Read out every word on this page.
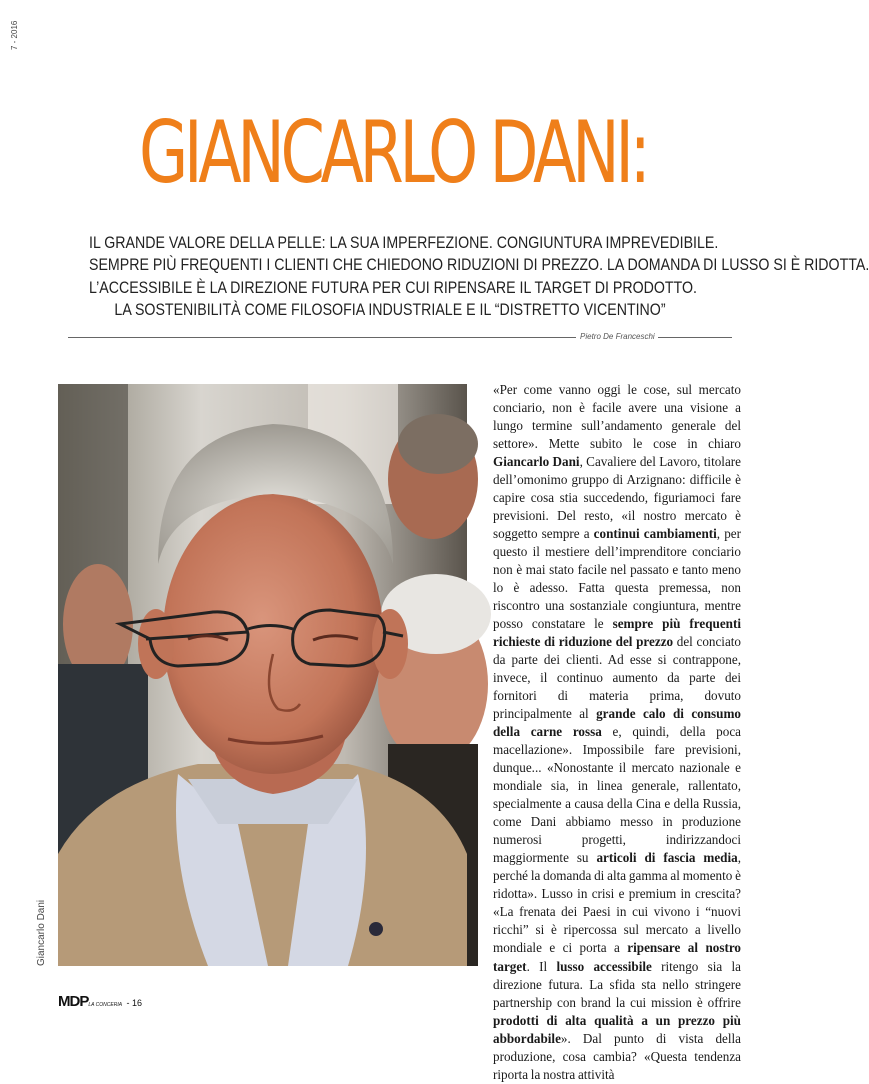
7 - 2016
GIANCARLO DANI:
IL GRANDE VALORE DELLA PELLE: LA SUA IMPERFEZIONE. CONGIUNTURA IMPREVEDIBILE.
SEMPRE PIÙ FREQUENTI I CLIENTI CHE CHIEDONO RIDUZIONI DI PREZZO. LA DOMANDA DI LUSSO SI È RIDOTTA.
L’ACCESSIBILE È LA DIREZIONE FUTURA PER CUI RIPENSARE IL TARGET DI PRODOTTO.
LA SOSTENIBILITÀ COME FILOSOFIA INDUSTRIALE E IL “DISTRETTO VICENTINO”
Pietro De Franceschi
Giancarlo Dani
«Per come vanno oggi le cose, sul mercato conciario, non è facile avere una visione a lungo termine sull’andamento generale del settore». Mette subito le cose in chiaro Giancarlo Dani, Cavaliere del Lavoro, titolare dell’omonimo gruppo di Arzignano: difficile è capire cosa stia succedendo, figuriamoci fare previsioni. Del resto, «il nostro mercato è soggetto sempre a continui cambiamenti, per questo il mestiere dell’imprenditore conciario non è mai stato facile nel passato e tanto meno lo è adesso. Fatta questa premessa, non riscontro una sostanziale congiuntura, mentre posso constatare le sempre più frequenti richieste di riduzione del prezzo del conciato da parte dei clienti. Ad esse si contrappone, invece, il continuo aumento da parte dei fornitori di materia prima, dovuto principalmente al grande calo di consumo della carne rossa e, quindi, della poca macellazione». Impossibile fare previsioni, dunque... «Nonostante il mercato nazionale e mondiale sia, in linea generale, rallentato, specialmente a causa della Cina e della Russia, come Dani abbiamo messo in produzione numerosi progetti, indirizzandoci maggiormente su articoli di fascia media, perché la domanda di alta gamma al momento è ridotta». Lusso in crisi e premium in crescita? «La frenata dei Paesi in cui vivono i “nuovi ricchi” si è ripercossa sul mercato a livello mondiale e ci porta a ripensare al nostro target. Il lusso accessibile ritengo sia la direzione futura. La sfida sta nello stringere partnership con brand la cui mission è offrire prodotti di alta qualità a un prezzo più abbordabile». Dal punto di vista della produzione, cosa cambia? «Questa tendenza riporta la nostra attività
MDPLA CONCERIA - 16
